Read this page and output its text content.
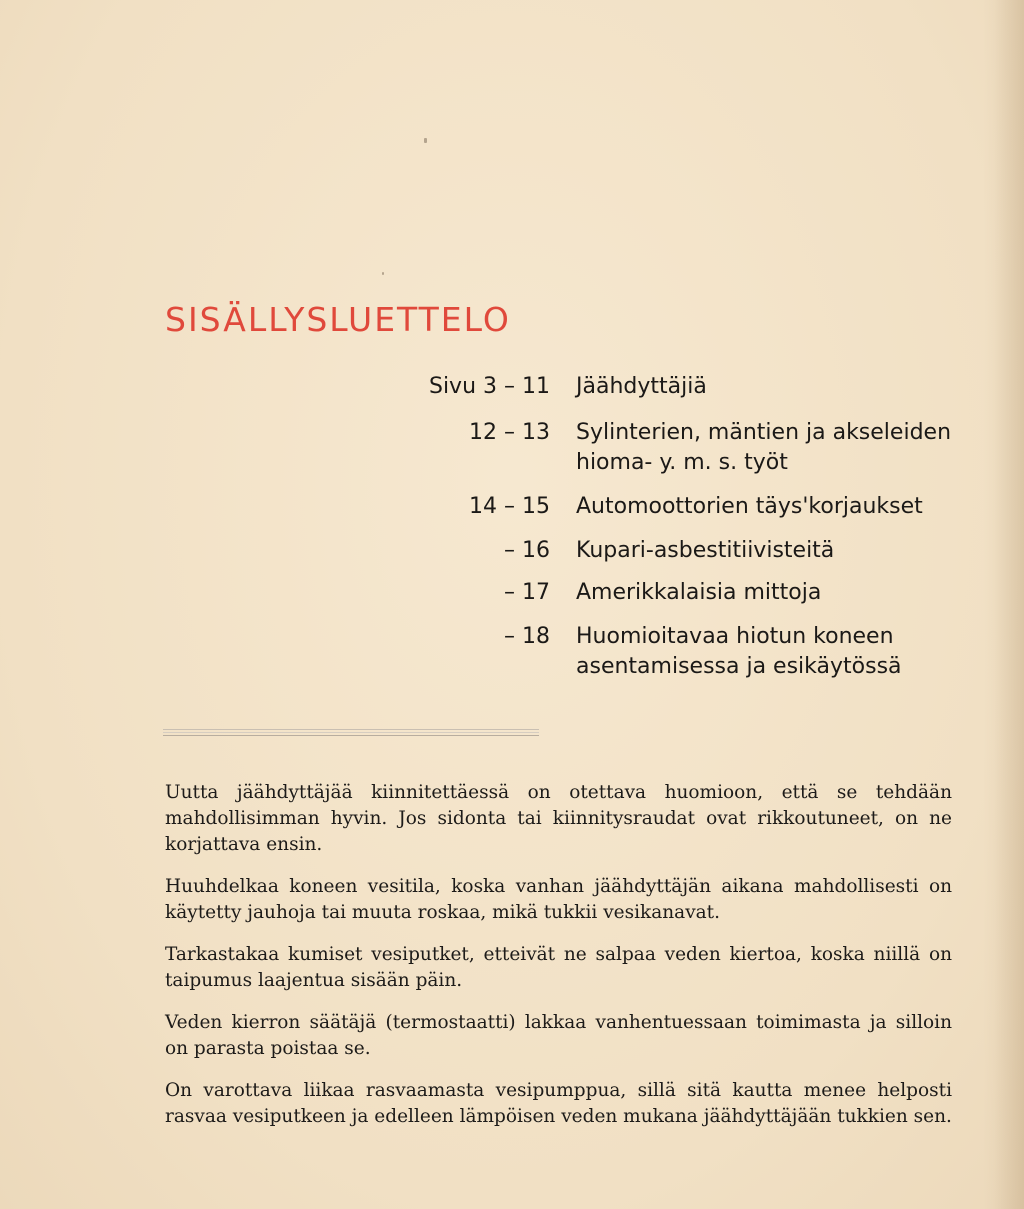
SISÄLLYSLUETTELO
Sivu 3 – 11 Jäähdyttäjiä
12 – 13 Sylinterien, mäntien ja akseleiden hioma- y. m. s. työt
14 – 15 Automoottorien täys'korjaukset
– 16 Kupari-asbestitiivisteitä
– 17 Amerikkalaisia mittoja
– 18 Huomioitavaa hiotun koneen asentamisessa ja esikäytössä

Uutta jäähdyttäjää kiinnitettäessä on otettava huomioon, että se tehdään mahdollisimman hyvin. Jos sidonta tai kiinnitysraudat ovat rikkoutuneet, on ne korjattava ensin.

Huuhdelkaa koneen vesitila, koska vanhan jäähdyttäjän aikana mahdollisesti on käytetty jauhoja tai muuta roskaa, mikä tukkii vesikanavat.

Tarkastakaa kumiset vesiputket, etteivät ne salpaa veden kiertoa, koska niillä on taipumus laajentua sisään päin.

Veden kierron säätäjä (termostaatti) lakkaa vanhentuessaan toimimasta ja silloin on parasta poistaa se.

On varottava liikaa rasvaamasta vesipumppua, sillä sitä kautta menee helposti rasvaa vesiputkeen ja edelleen lämpöisen veden mukana jäähdyttäjään tukkien sen.
